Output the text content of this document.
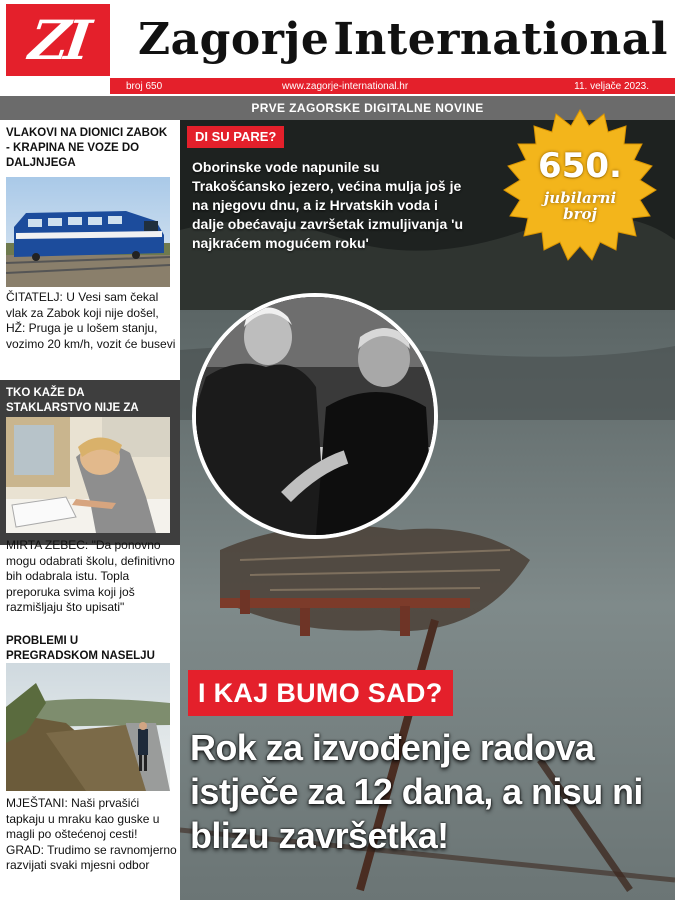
ZI Zagorje International
broj 650	www.zagorje-international.hr	11. veljače 2023.
PRVE ZAGORSKE DIGITALNE NOVINE
VLAKOVI NA DIONICI ZABOK - KRAPINA NE VOZE DO DALJNJEGA
ČITATELJ: U Vesi sam čekal vlak za Zabok koji nije došel, HŽ: Pruga je u lošem stanju, vozimo 20 km/h, vozit će busevi
TKO KAŽE DA STAKLARSTVO NIJE ZA
MIRTA ZEBEC: "Da ponovno mogu odabrati školu, definitivno bih odabrala istu. Topla preporuka svima koji još razmišljaju što upisati"
PROBLEMI U PREGRADSKOM NASELJU
MJEŠTANI: Naši prvašići tapkaju u mraku kao guske u magli po oštećenoj cesti! GRAD: Trudimo se ravnomjerno razvijati svaki mjesni odbor
DI SU PARE?
Oborinske vode napunile su Trakošćansko jezero, većina mulja još je na njegovu dnu, a iz Hrvatskih voda i dalje obećavaju završetak izmuljivanja 'u najkraćem mogućem roku'
650.
jubilarni
broj
I KAJ BUMO SAD?
Rok za izvođenje radova istječe za 12 dana, a nisu ni blizu završetka!
